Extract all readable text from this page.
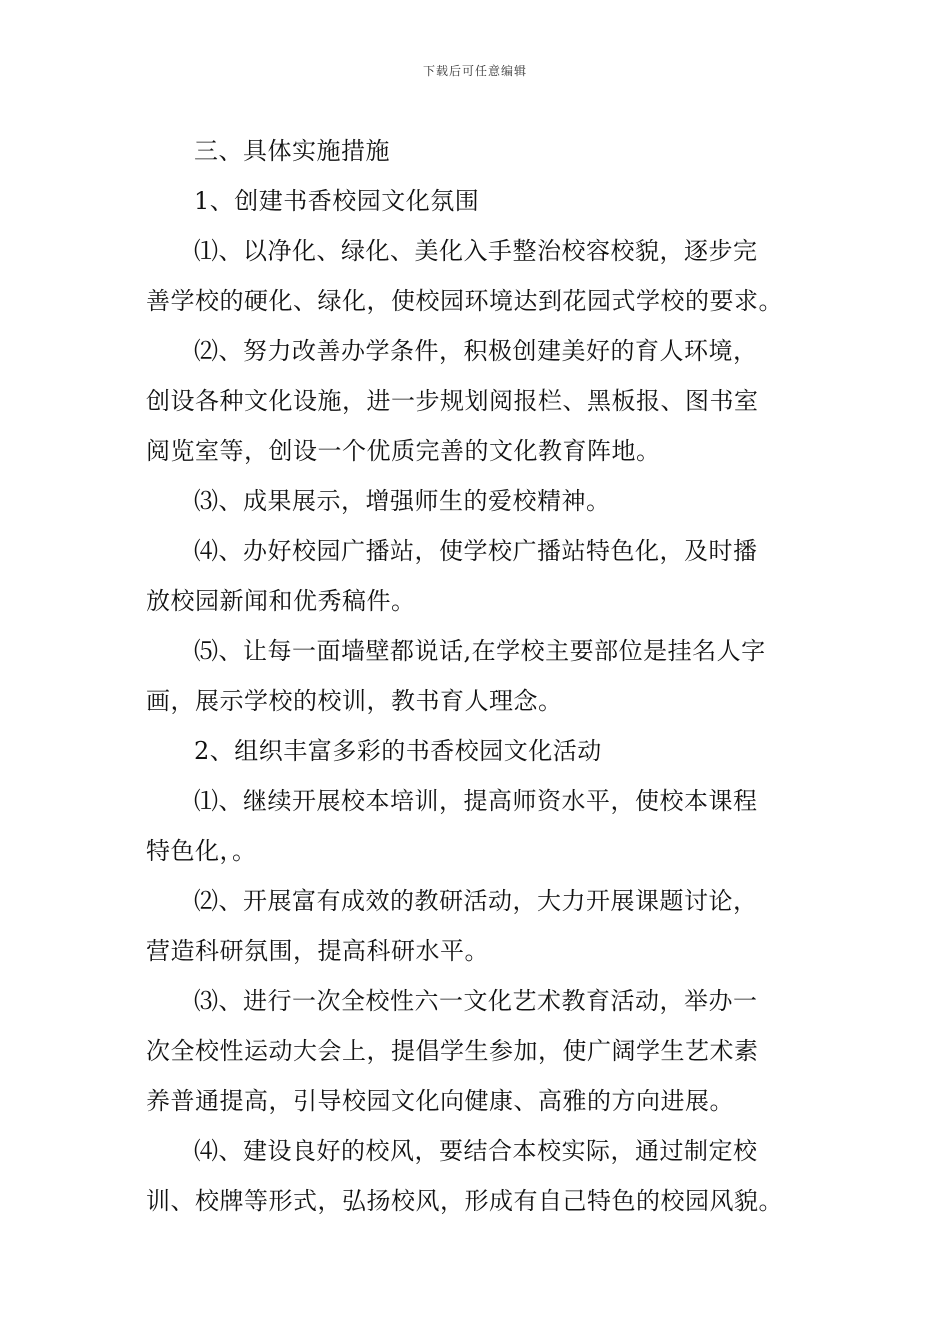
下载后可任意编辑
三、具体实施措施
1、创建书香校园文化氛围
⑴、以净化、绿化、美化入手整治校容校貌，逐步完
善学校的硬化、绿化，使校园环境达到花园式学校的要求。
⑵、努力改善办学条件，积极创建美好的育人环境，
创设各种文化设施，进一步规划阅报栏、黑板报、图书室
阅览室等，创设一个优质完善的文化教育阵地。
⑶、成果展示，增强师生的爱校精神。
⑷、办好校园广播站，使学校广播站特色化，及时播
放校园新闻和优秀稿件。
⑸、让每一面墙壁都说话,在学校主要部位是挂名人字
画，展示学校的校训，教书育人理念。
2、组织丰富多彩的书香校园文化活动
⑴、继续开展校本培训，提高师资水平，使校本课程
特色化，。
⑵、开展富有成效的教研活动，大力开展课题讨论，
营造科研氛围，提高科研水平。
⑶、进行一次全校性六一文化艺术教育活动，举办一
次全校性运动大会上，提倡学生参加，使广阔学生艺术素
养普通提高，引导校园文化向健康、高雅的方向进展。
⑷、建设良好的校风，要结合本校实际，通过制定校
训、校牌等形式，弘扬校风，形成有自己特色的校园风貌。
